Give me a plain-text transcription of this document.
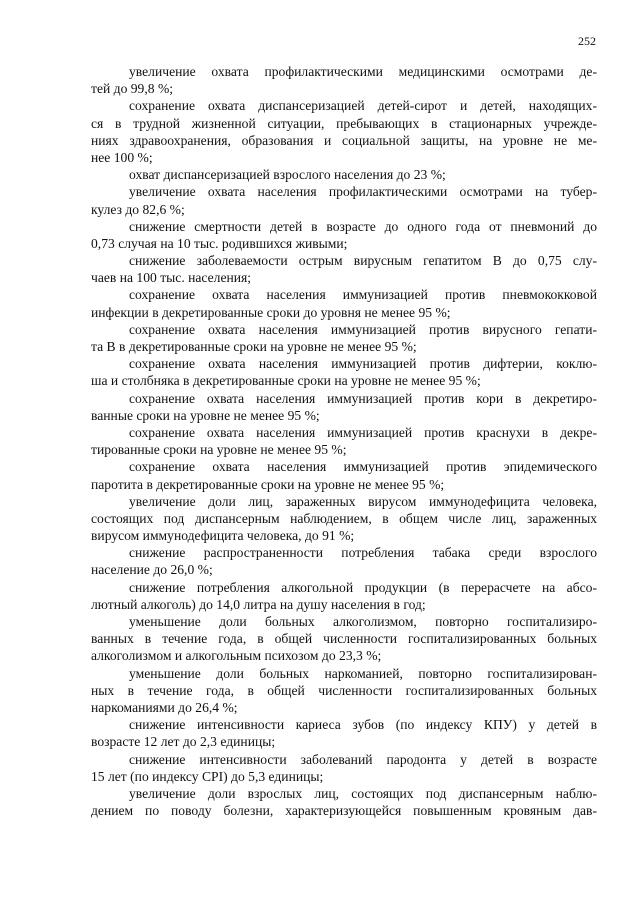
252
увеличение охвата профилактическими медицинскими осмотрами де-
тей до 99,8 %;
сохранение охвата диспансеризацией детей-сирот и детей, находящих-
ся в трудной жизненной ситуации, пребывающих в стационарных учрежде-
ниях здравоохранения, образования и социальной защиты, на уровне не ме-
нее 100 %;
охват диспансеризацией взрослого населения до 23 %;
увеличение охвата населения профилактическими осмотрами на тубер-
кулез до 82,6 %;
снижение смертности детей в возрасте до одного года от пневмоний до
0,73 случая на 10 тыс. родившихся живыми;
снижение заболеваемости острым вирусным гепатитом В до 0,75 слу-
чаев на 100 тыс. населения;
сохранение охвата населения иммунизацией против пневмококковой
инфекции в декретированные сроки до уровня не менее 95 %;
сохранение охвата населения иммунизацией против вирусного гепати-
та В в декретированные сроки на уровне не менее 95 %;
сохранение охвата населения иммунизацией против дифтерии, коклю-
ша и столбняка в декретированные сроки на уровне не менее 95 %;
сохранение охвата населения иммунизацией против кори в декретиро-
ванные сроки на уровне не менее 95 %;
сохранение охвата населения иммунизацией против краснухи в декре-
тированные сроки на уровне не менее 95 %;
сохранение охвата населения иммунизацией против эпидемического
паротита в декретированные сроки на уровне не менее 95 %;
увеличение доли лиц, зараженных вирусом иммунодефицита человека,
состоящих под диспансерным наблюдением, в общем числе лиц, зараженных
вирусом иммунодефицита человека, до 91 %;
снижение распространенности потребления табака среди взрослого
население до 26,0 %;
снижение потребления алкогольной продукции (в перерасчете на абсо-
лютный алкоголь) до 14,0 литра на душу населения в год;
уменьшение доли больных алкоголизмом, повторно госпитализиро-
ванных в течение года, в общей численности госпитализированных больных
алкоголизмом и алкогольным психозом до 23,3 %;
уменьшение доли больных наркоманией, повторно госпитализирован-
ных в течение года, в общей численности госпитализированных больных
наркоманиями до 26,4 %;
снижение интенсивности кариеса зубов (по индексу КПУ) у детей в
возрасте 12 лет до 2,3 единицы;
снижение интенсивности заболеваний пародонта у детей в возрасте
15 лет (по индексу CPI) до 5,3 единицы;
увеличение доли взрослых лиц, состоящих под диспансерным наблю-
дением по поводу болезни, характеризующейся повышенным кровяным дав-
